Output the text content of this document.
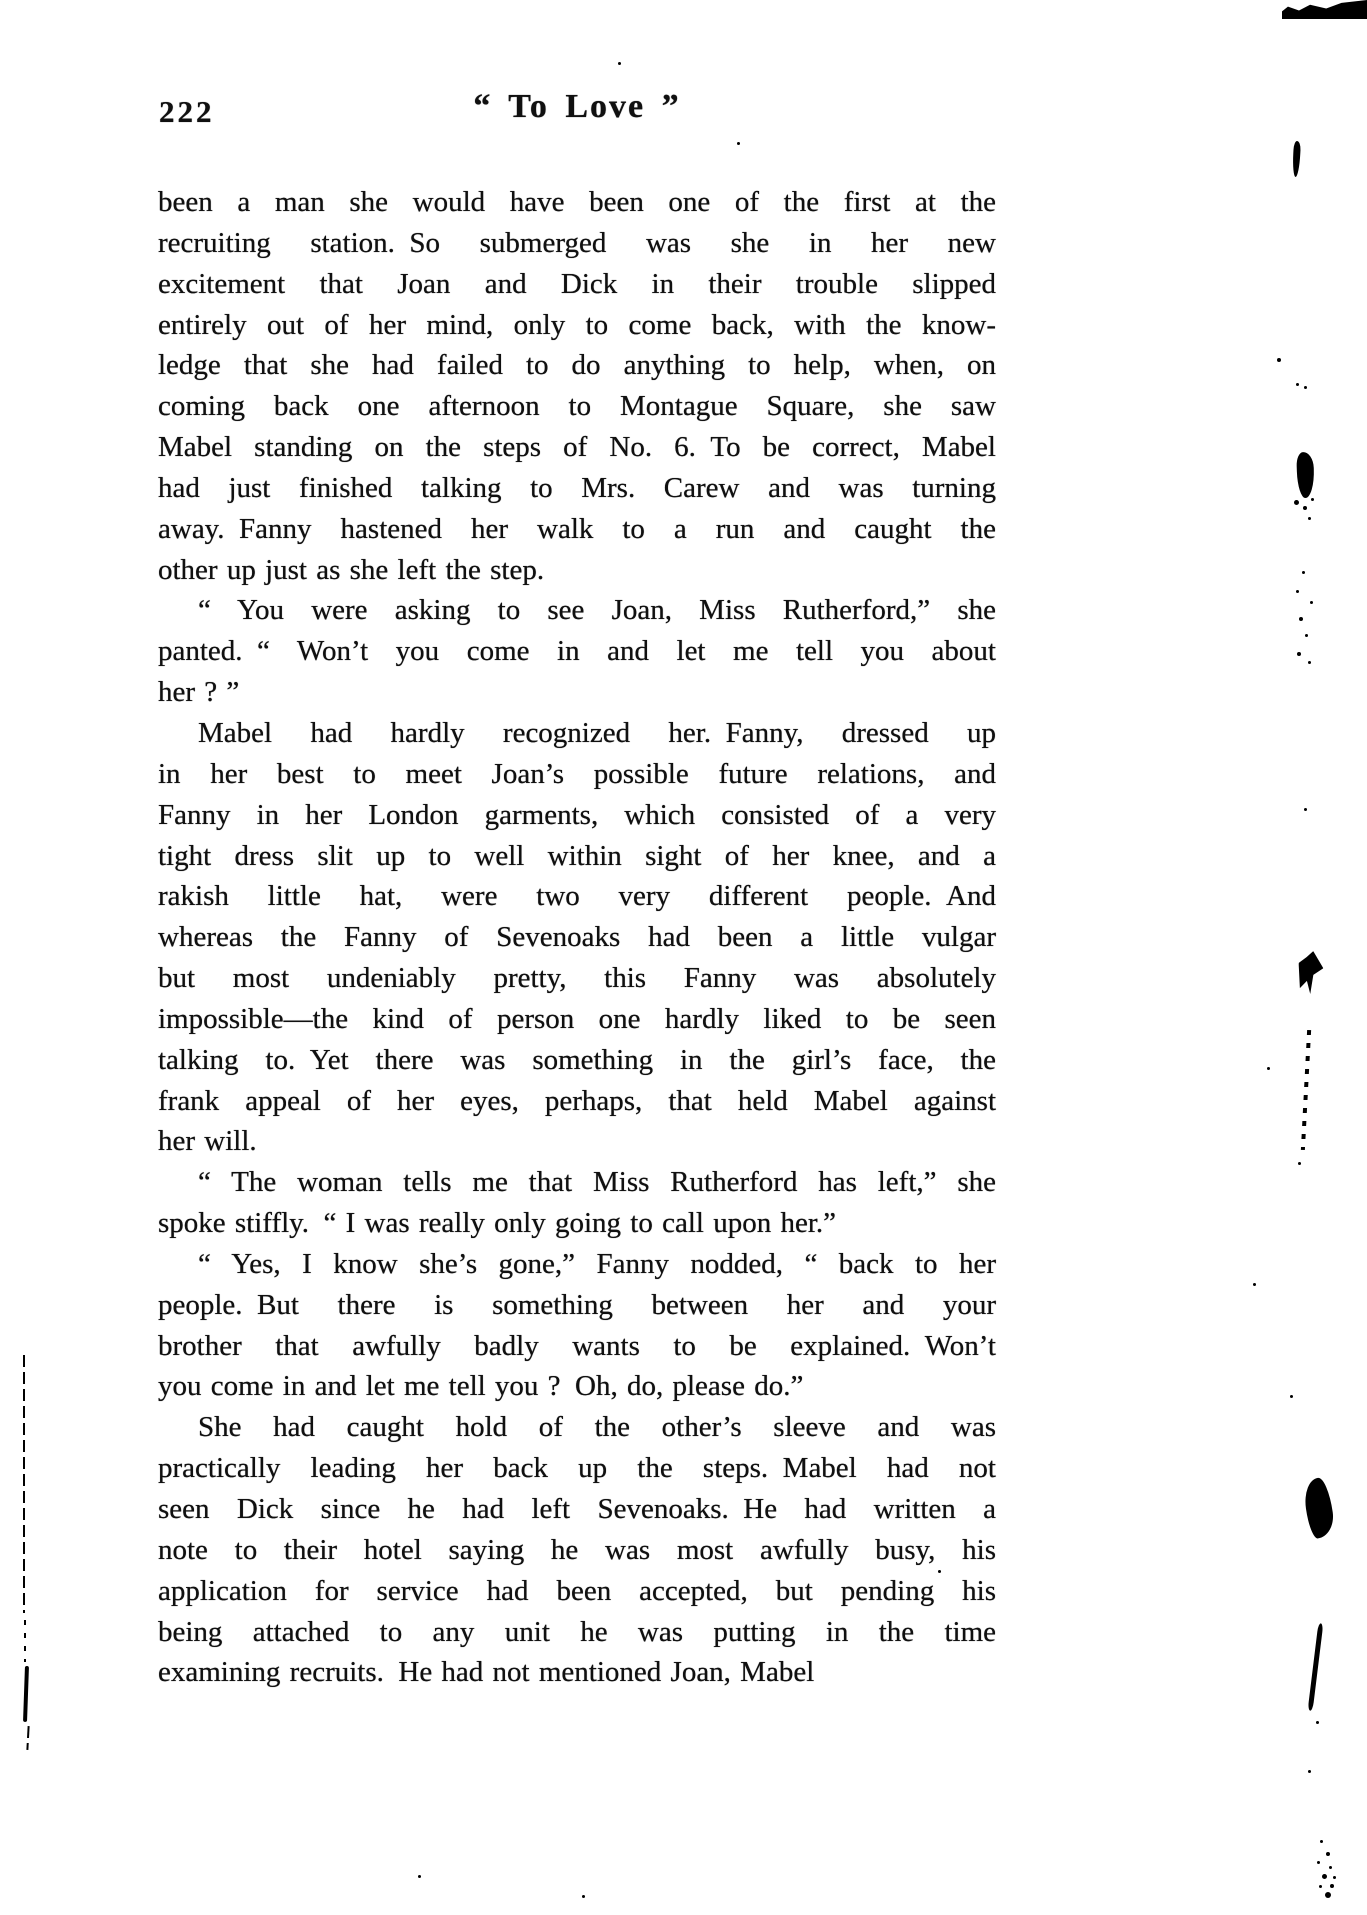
222	“ To Love ”
been a man she would have been one of the first at the
recruiting station. So submerged was she in her new
excitement that Joan and Dick in their trouble slipped
entirely out of her mind, only to come back, with the know-
ledge that she had failed to do anything to help, when, on
coming back one afternoon to Montague Square, she saw
Mabel standing on the steps of No. 6. To be correct, Mabel
had just finished talking to Mrs. Carew and was turning
away. Fanny hastened her walk to a run and caught the
other up just as she left the step.
“ You were asking to see Joan, Miss Rutherford,” she
panted. “ Won’t you come in and let me tell you about
her ? ”
Mabel had hardly recognized her. Fanny, dressed up
in her best to meet Joan’s possible future relations, and
Fanny in her London garments, which consisted of a very
tight dress slit up to well within sight of her knee, and a
rakish little hat, were two very different people. And
whereas the Fanny of Sevenoaks had been a little vulgar
but most undeniably pretty, this Fanny was absolutely
impossible—the kind of person one hardly liked to be seen
talking to. Yet there was something in the girl’s face, the
frank appeal of her eyes, perhaps, that held Mabel against
her will.
“ The woman tells me that Miss Rutherford has left,” she
spoke stiffly. “ I was really only going to call upon her.”
“ Yes, I know she’s gone,” Fanny nodded, “ back to her
people. But there is something between her and your
brother that awfully badly wants to be explained. Won’t
you come in and let me tell you ? Oh, do, please do.”
She had caught hold of the other’s sleeve and was
practically leading her back up the steps. Mabel had not
seen Dick since he had left Sevenoaks. He had written a
note to their hotel saying he was most awfully busy, his
application for service had been accepted, but pending his
being attached to any unit he was putting in the time
examining recruits. He had not mentioned Joan, Mabel
